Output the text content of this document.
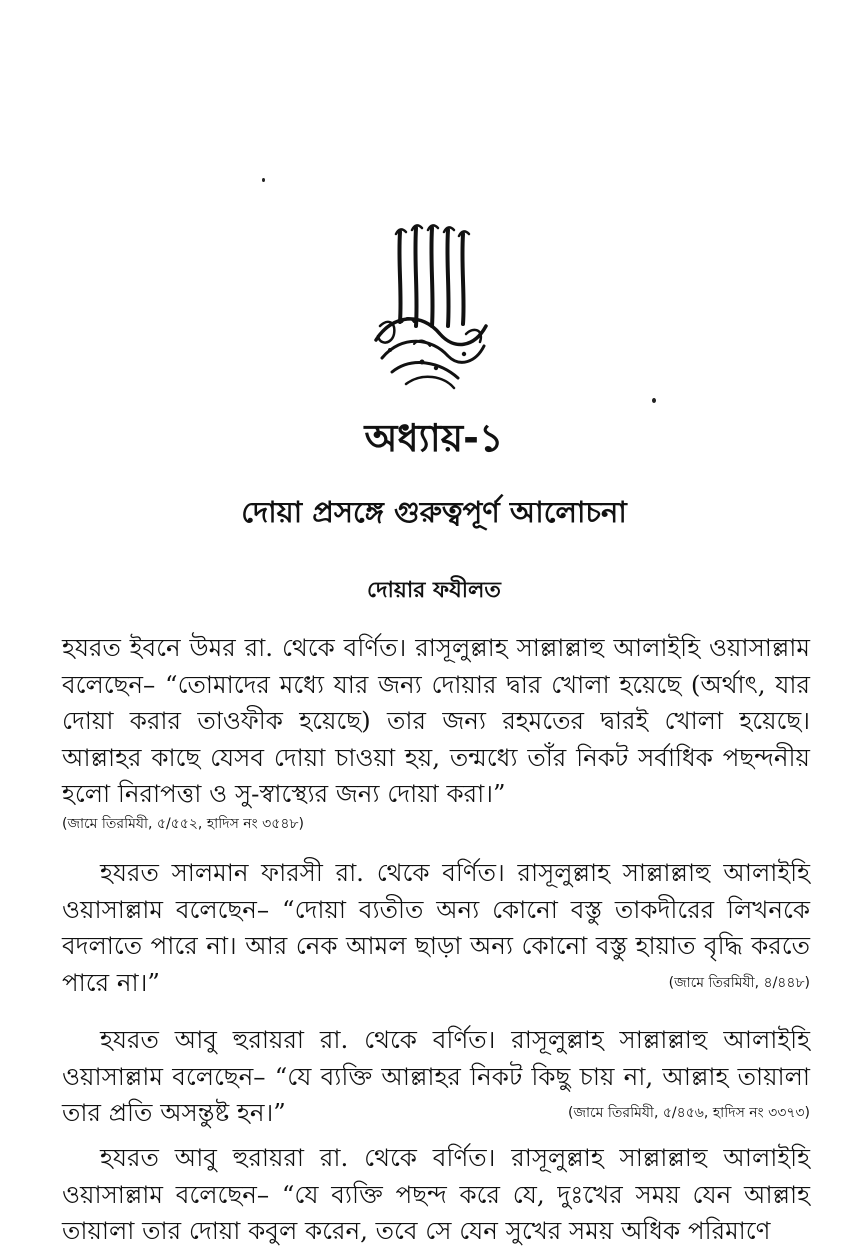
অধ্যায়-১
দোয়া প্রসঙ্গে গুরুত্বপূর্ণ আলোচনা
দোয়ার ফযীলত
হযরত ইবনে উমর রা. থেকে বর্ণিত। রাসূলুল্লাহ সাল্লাল্লাহু আলাইহি ওয়াসাল্লাম বলেছেন– “তোমাদের মধ্যে যার জন্য দোয়ার দ্বার খোলা হয়েছে (অর্থাৎ, যার দোয়া করার তাওফীক হয়েছে) তার জন্য রহমতের দ্বারই খোলা হয়েছে। আল্লাহর কাছে যেসব দোয়া চাওয়া হয়, তন্মধ্যে তাঁর নিকট সর্বাধিক পছন্দনীয় হলো নিরাপত্তা ও সু-স্বাস্থ্যের জন্য দোয়া করা।”
(জামে তিরমিযী, ৫/৫৫২, হাদিস নং ৩৫৪৮)
হযরত সালমান ফারসী রা. থেকে বর্ণিত। রাসূলুল্লাহ সাল্লাল্লাহু আলাইহি ওয়াসাল্লাম বলেছেন– “দোয়া ব্যতীত অন্য কোনো বস্তু তাকদীরের লিখনকে বদলাতে পারে না। আর নেক আমল ছাড়া অন্য কোনো বস্তু হায়াত বৃদ্ধি করতে পারে না।”	(জামে তিরমিযী, ৪/৪৪৮)
হযরত আবু হুরায়রা রা. থেকে বর্ণিত। রাসূলুল্লাহ সাল্লাল্লাহু আলাইহি ওয়াসাল্লাম বলেছেন– “যে ব্যক্তি আল্লাহর নিকট কিছু চায় না, আল্লাহ তায়ালা তার প্রতি অসন্তুষ্ট হন।”	(জামে তিরমিযী, ৫/৪৫৬, হাদিস নং ৩৩৭৩)
হযরত আবু হুরায়রা রা. থেকে বর্ণিত। রাসূলুল্লাহ সাল্লাল্লাহু আলাইহি ওয়াসাল্লাম বলেছেন– “যে ব্যক্তি পছন্দ করে যে, দুঃখের সময় যেন আল্লাহ তায়ালা তার দোয়া কবুল করেন, তবে সে যেন সুখের সময় অধিক পরিমাণে
